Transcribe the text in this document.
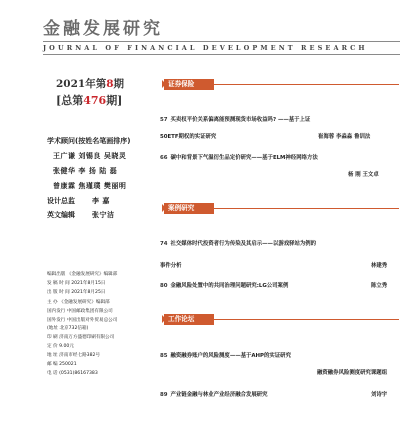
金融发展研究
JOURNAL OF FINANCIAL DEVELOPMENT RESEARCH
2021年第8期
[总第476期]
学术顾问(按姓名笔画排序)
王广谦 刘锡良 吴晓灵
张健华 李 扬 陆 磊
曾康霖 焦瑾璞 樊丽明
设计总监 李 嘉
英文编辑 张宁洁
编辑出版 《金融发展研究》编辑部
发 稿 时 间 2021年8月15日
出 版 时 间 2021年8月25日
主 办 《金融发展研究》编辑部
国内发行 中国邮政集团有限公司
国外发行 中国出版对外贸易总公司
(地址 北京732信箱)
印 刷 济南万方盛德印刷有限公司
定 价 9.00元
地 址 济南市经七路382号
邮 编 250021
电 话 (0531)86167383
证券保险
57 买卖权平价关系偏离能预测现货市场收益吗? ——基于上证
50ETF期权的实证研究	崔海蓉 李淼淼 鲁训法
66 碳中和背景下气温衍生品定价研究——基于ELM神经网络方法
杨 刚 王文卓
案例研究
74 社交媒体时代投资者行为传染及其启示——以游戏驿站为例的
事件分析	林建秀
80 金融风险处置中的共同治理问题研究:LG公司案例	陈立秀
工作论坛
85 融资融券账户的风险测度——基于AHP的实证研究
融资融券风险测度研究课题组
89 产业链金融与林业产业经济融合发展研究	刘诗宇
